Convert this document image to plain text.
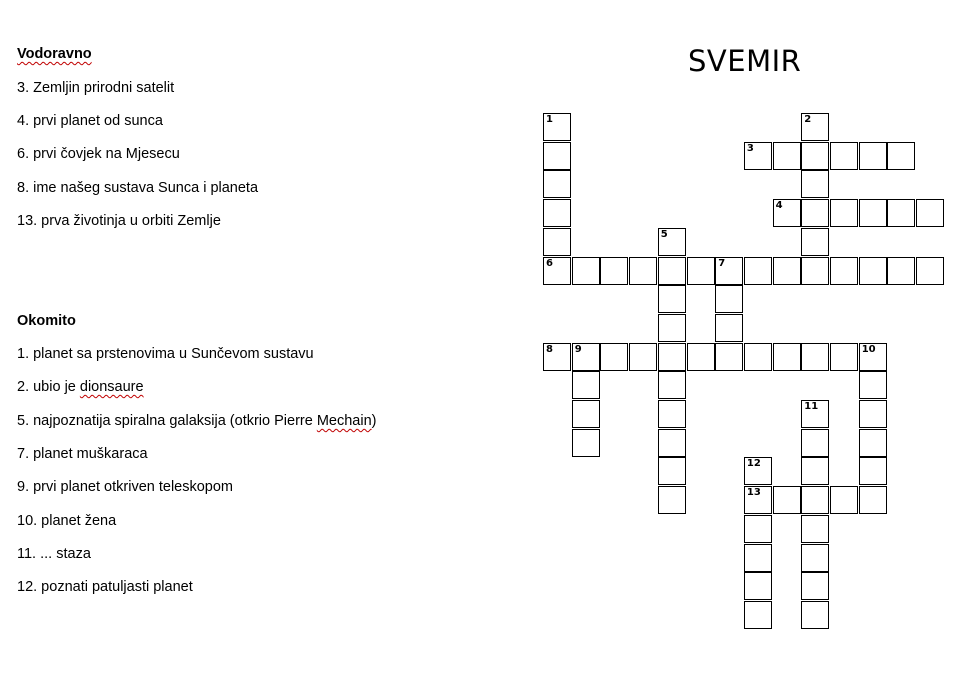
Vodoravno
3. Zemljin prirodni satelit
4. prvi planet od sunca
6. prvi čovjek na Mjesecu
8. ime našeg sustava Sunca i planeta
13. prva životinja u orbiti Zemlje
Okomito
1. planet sa prstenovima u Sunčevom sustavu
2. ubio je dionsaure
5. najpoznatija spiralna galaksija (otkrio Pierre Mechain)
7. planet muškaraca
9. prvi planet otkriven teleskopom
10. planet žena
11. ... staza
12. poznati patuljasti planet
SVEMIR
1
6
2
3
4
5
7
8 9	10
11
12
13
